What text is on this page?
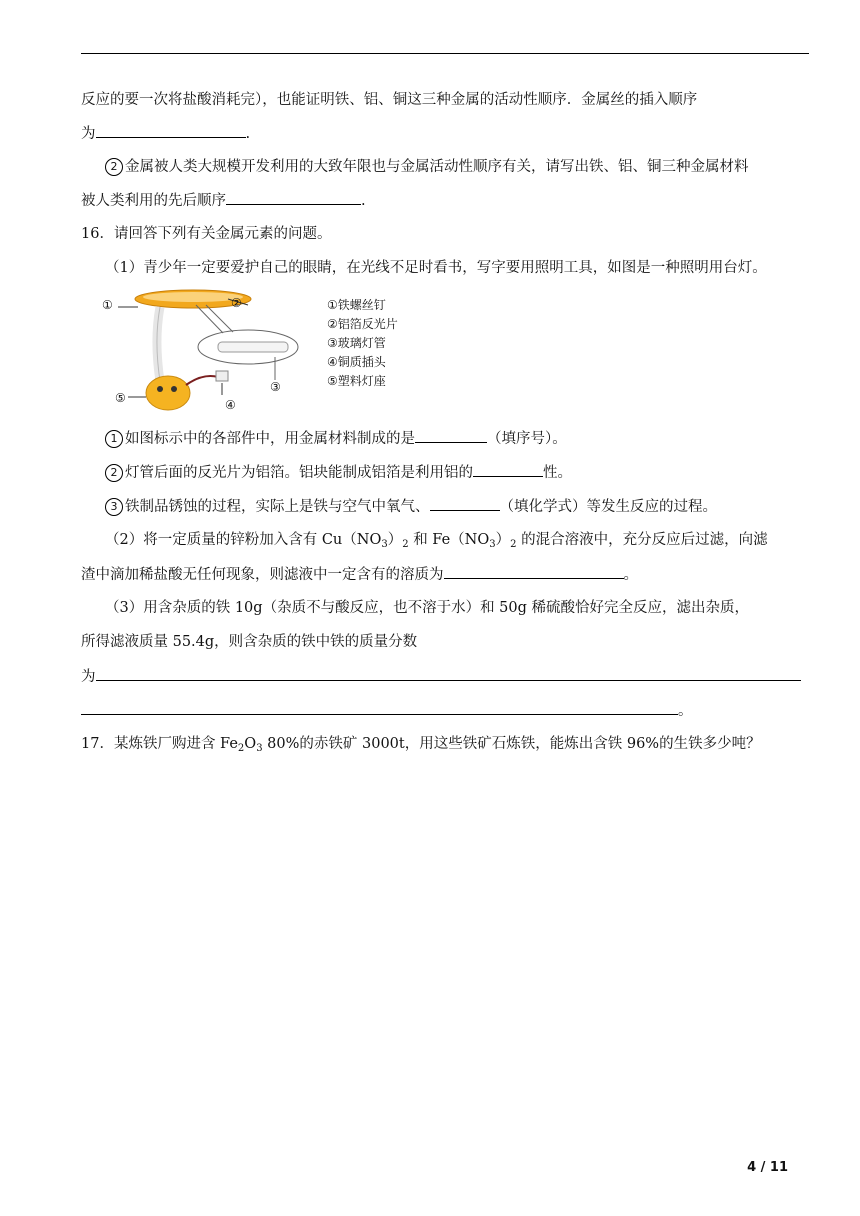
反应的要一次将盐酸消耗完），也能证明铁、铝、铜这三种金属的活动性顺序．金属丝的插入顺序
为	.
2 金属被人类大规模开发利用的大致年限也与金属活动性顺序有关，请写出铁、铝、铜三种金属材料
被人类利用的先后顺序	.
16．请回答下列有关金属元素的问题。
（1）青少年一定要爱护自己的眼睛，在光线不足时看书，写字要用照明工具，如图是一种照明用台灯。
①	②
③
④
⑤
①铁螺丝钉
②铝箔反光片
③玻璃灯管
④铜质插头
⑤塑料灯座
1 如图标示中的各部件中，用金属材料制成的是	（填序号）。
2 灯管后面的反光片为铝箔。铝块能制成铝箔是利用铝的	性。
3 铁制品锈蚀的过程，实际上是铁与空气中氧气、	（填化学式）等发生反应的过程。
（2）将一定质量的锌粉加入含有 $Cu(NO_3)_2$ 和 $Fe(NO_3)_2$ 的混合溶液中，充分反应后过滤，向滤
渣中滴加稀盐酸无任何现象，则滤液中一定含有的溶质为	。
（3）用含杂质的铁 10g（杂质不与酸反应，也不溶于水）和 50g 稀硫酸恰好完全反应，滤出杂质，
所得滤液质量 55.4g，则含杂质的铁中铁的质量分数
为
。
17．某炼铁厂购进含 $Fe_2O_3$ 80%的赤铁矿 3000t，用这些铁矿石炼铁，能炼出含铁 96%的生铁多少吨？
4 / 11
